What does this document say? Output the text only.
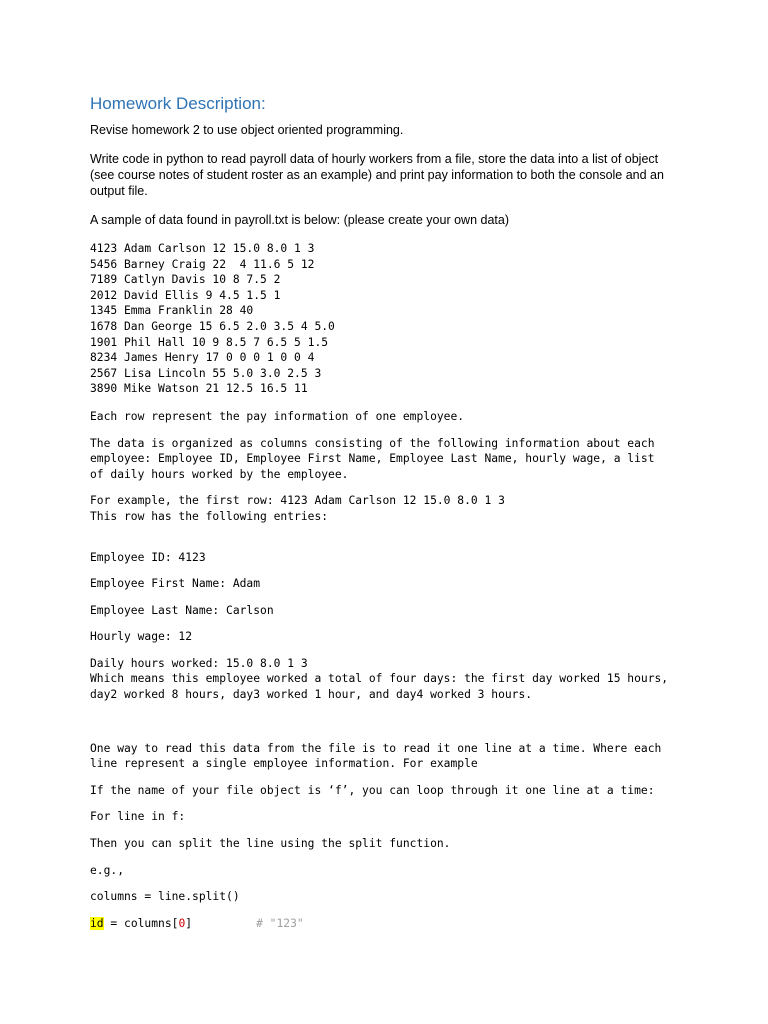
Homework Description:

Revise homework 2 to use object oriented programming.

Write code in python to read payroll data of hourly workers from a file, store the data into a list of object

(see course notes of student roster as an example) and print pay information to both the console and an

output file.

A sample of data found in payroll.txt is below: (please create your own data)

4123 Adam Carlson 12 15.0 8.0 1 3
5456 Barney Craig 22  4 11.6 5 12
7189 Catlyn Davis 10 8 7.5 2
2012 David Ellis 9 4.5 1.5 1
1345 Emma Franklin 28 40
1678 Dan George 15 6.5 2.0 3.5 4 5.0
1901 Phil Hall 10 9 8.5 7 6.5 5 1.5
8234 James Henry 17 0 0 0 1 0 0 4
2567 Lisa Lincoln 55 5.0 3.0 2.5 3
3890 Mike Watson 21 12.5 16.5 11

Each row represent the pay information of one employee.

The data is organized as columns consisting of the following information about each

employee: Employee ID, Employee First Name, Employee Last Name, hourly wage, a list

of daily hours worked by the employee.

For example, the first row: 4123 Adam Carlson 12 15.0 8.0 1 3

This row has the following entries:

Employee ID: 4123

Employee First Name: Adam

Employee Last Name: Carlson

Hourly wage: 12

Daily hours worked: 15.0 8.0 1 3

Which means this employee worked a total of four days: the first day worked 15 hours,

day2 worked 8 hours, day3 worked 1 hour, and day4 worked 3 hours.

One way to read this data from the file is to read it one line at a time. Where each

line represent a single employee information. For example

If the name of your file object is ‘f’, you can loop through it one line at a time:

For line in f:

Then you can split the line using the split function.

e.g.,

columns = line.split()

id = columns[0]	# "123"
